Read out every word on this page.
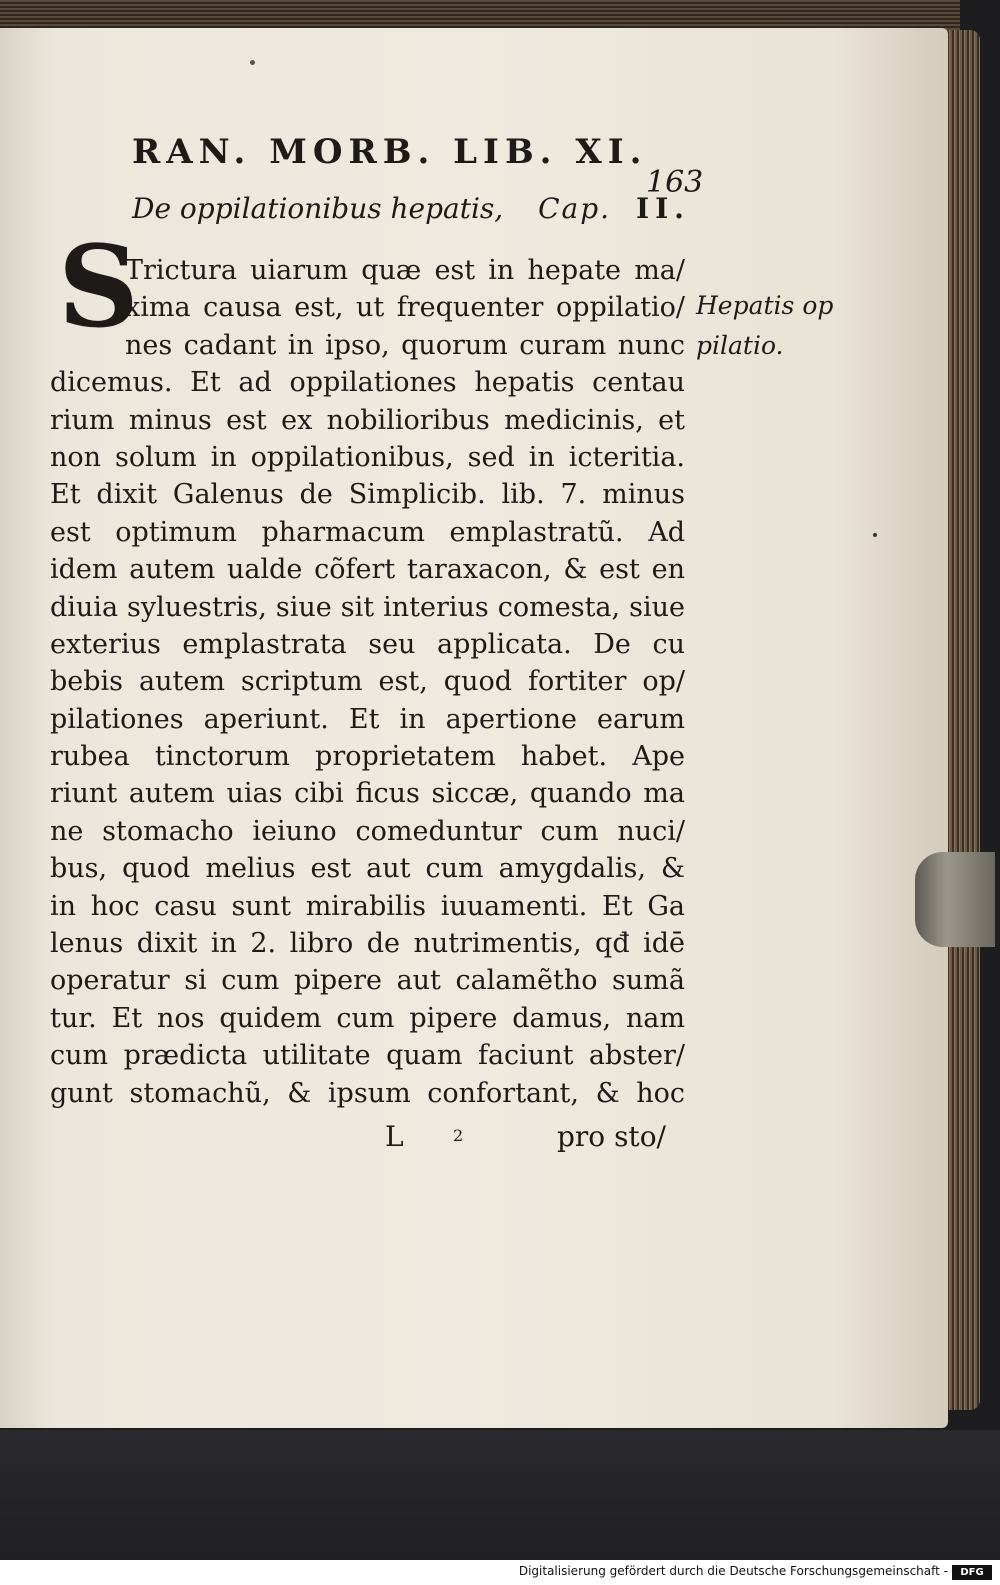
RAN. MORB. LIB. XI.
163
De oppilationibus hepatis, Cap. II.
S
Trictura uiarum quæ est in hepate ma/
xima causa est, ut frequenter oppilatio/
nes cadant in ipso, quorum curam nunc
dicemus. Et ad oppilationes hepatis centau
rium minus est ex nobilioribus medicinis, et
non solum in oppilationibus, sed in icteritia.
Et dixit Galenus de Simplicib. lib. 7. minus
est optimum pharmacum emplastratũ. Ad
idem autem ualde cõfert taraxacon, & est en
diuia syluestris, siue sit interius comesta, siue
exterius emplastrata seu applicata. De cu
bebis autem scriptum est, quod fortiter op/
pilationes aperiunt. Et in apertione earum
rubea tinctorum proprietatem habet. Ape
riunt autem uias cibi ficus siccæ, quando ma
ne stomacho ieiuno comeduntur cum nuci/
bus, quod melius est aut cum amygdalis, &
in hoc casu sunt mirabilis iuuamenti. Et Ga
lenus dixit in 2. libro de nutrimentis, qđ idē
operatur si cum pipere aut calamẽtho sumã
tur. Et nos quidem cum pipere damus, nam
cum prædicta utilitate quam faciunt abster/
gunt stomachũ, & ipsum confortant, & hoc
Hepatis op
pilatio.
L	2	pro sto/
Digitalisierung gefördert durch die Deutsche Forschungsgemeinschaft -	DFG
